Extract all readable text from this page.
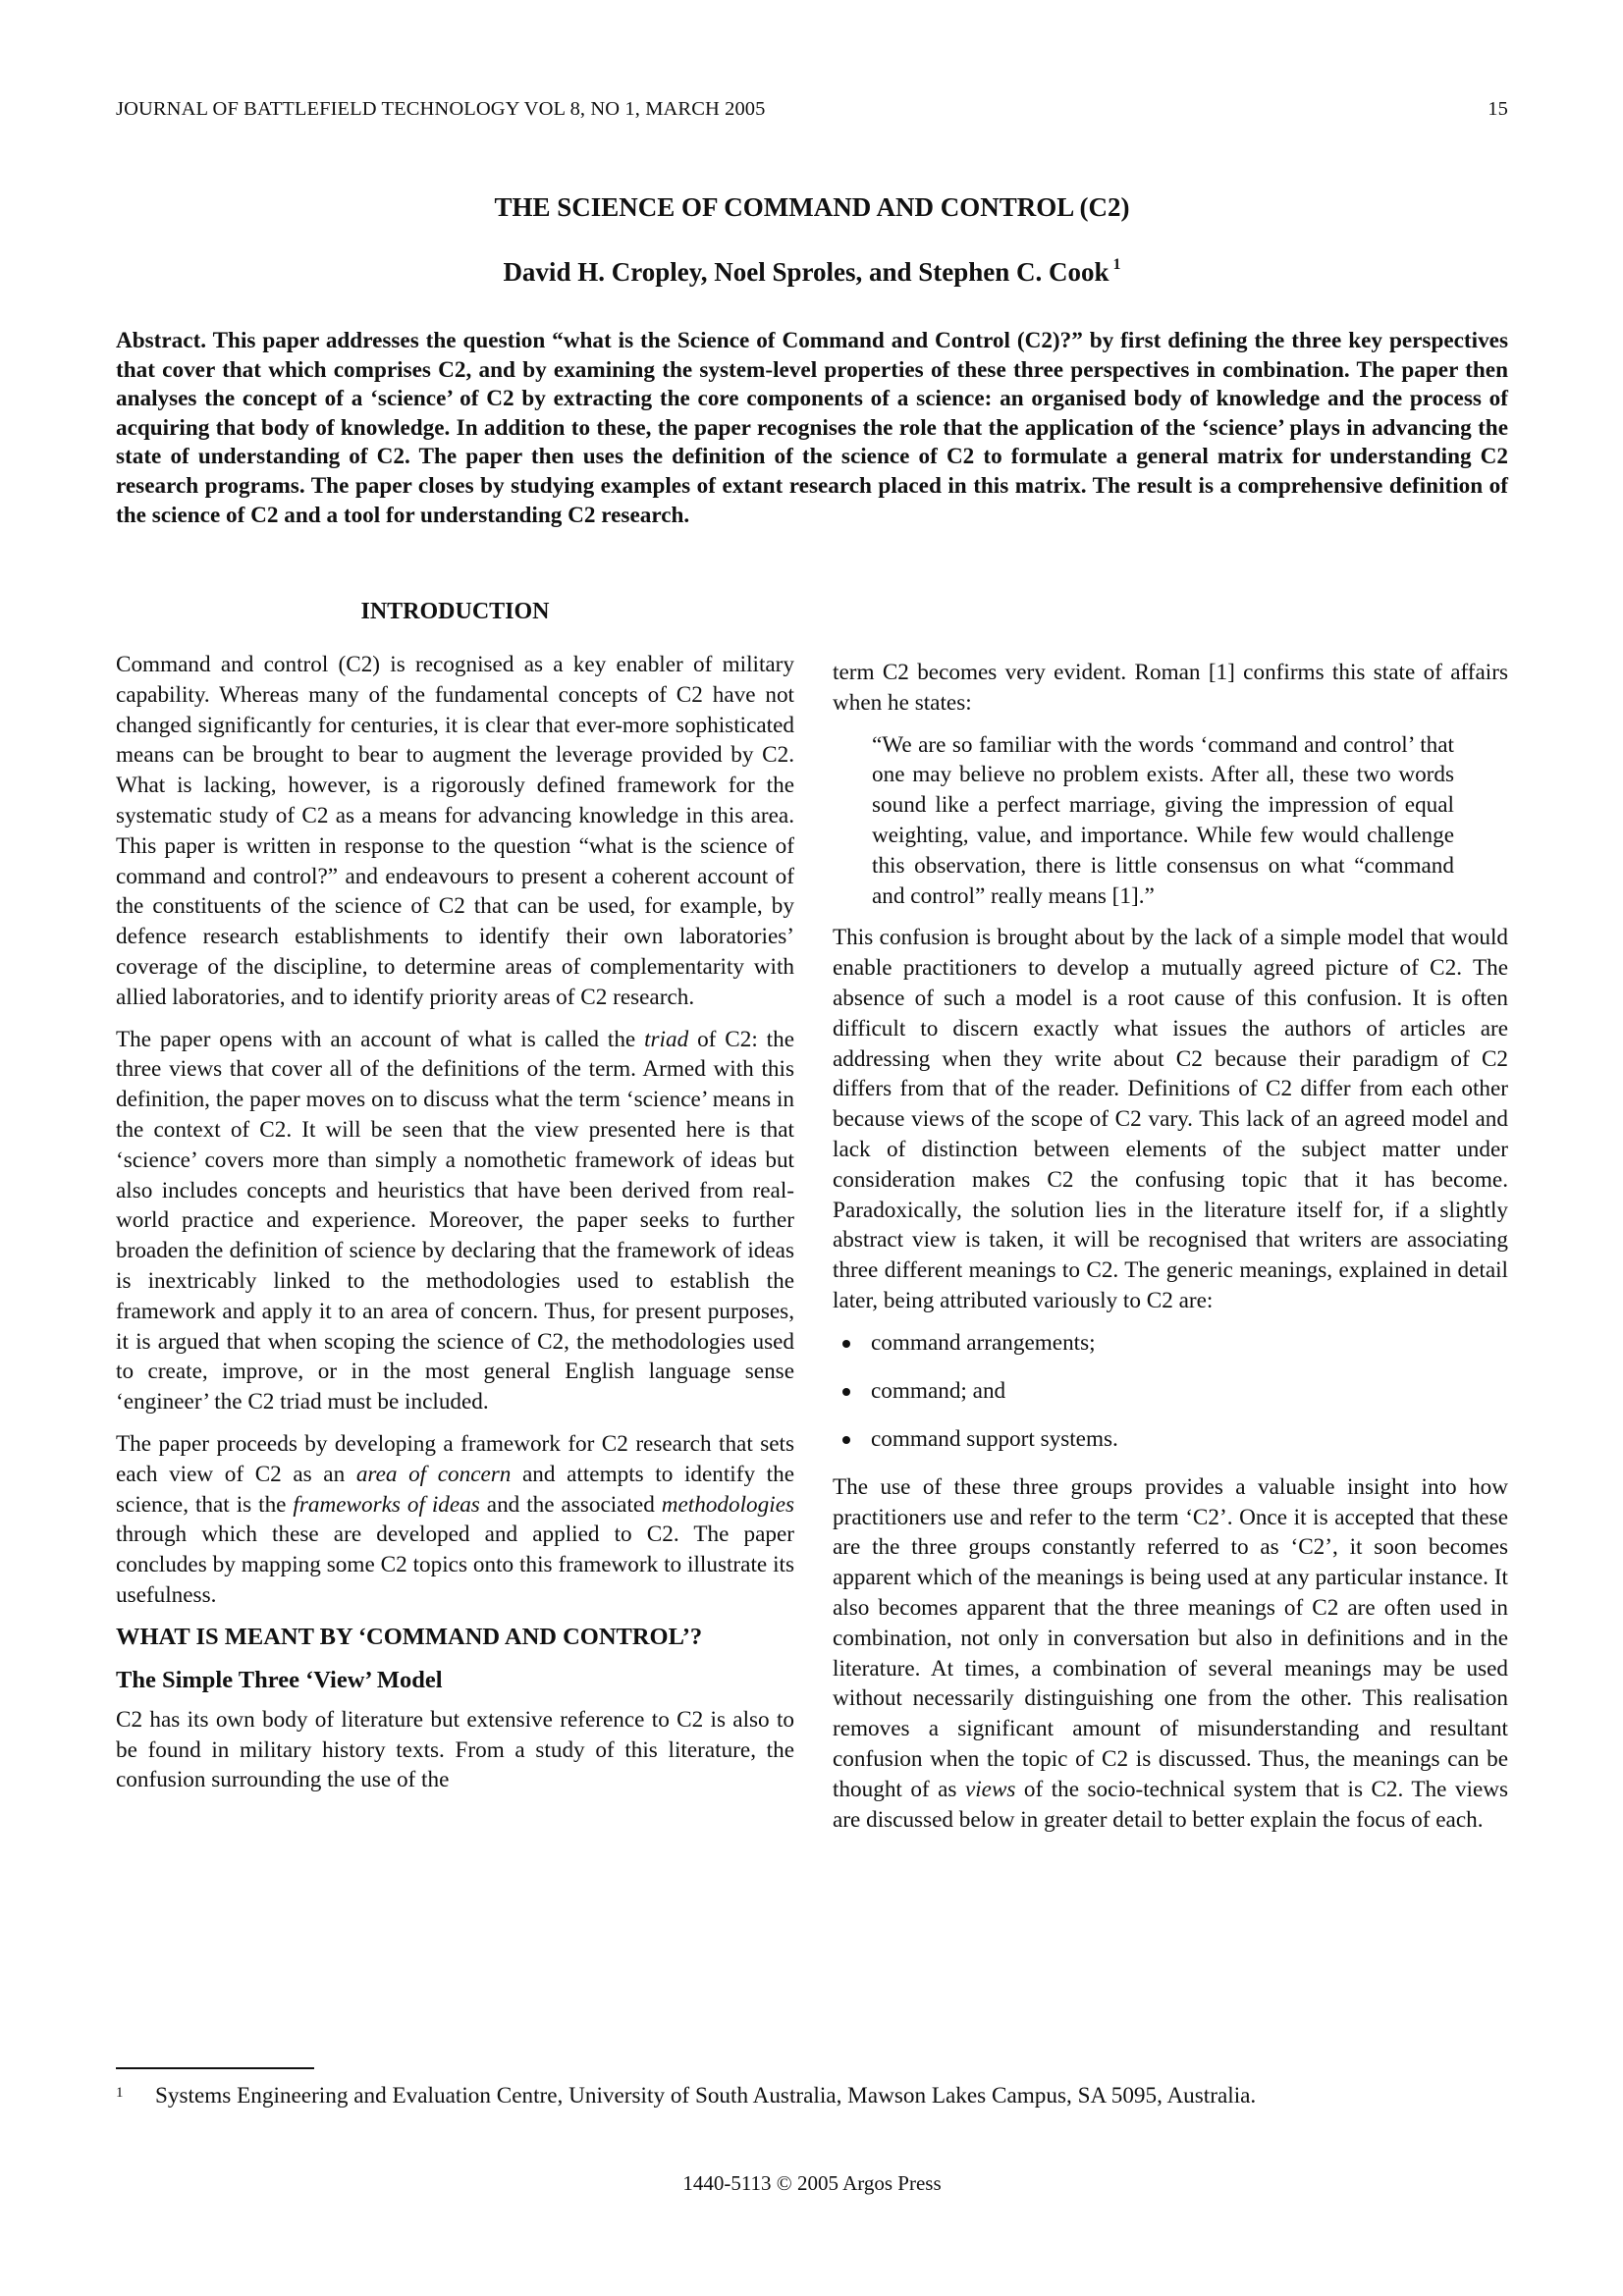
JOURNAL OF BATTLEFIELD TECHNOLOGY VOL 8, NO 1, MARCH 2005	15
THE SCIENCE OF COMMAND AND CONTROL (C2)
David H. Cropley, Noel Sproles, and Stephen C. Cook $^1$
Abstract. This paper addresses the question “what is the Science of Command and Control (C2)?” by first defining the three key perspectives that cover that which comprises C2, and by examining the system-level properties of these three perspectives in combination. The paper then analyses the concept of a ‘science’ of C2 by extracting the core components of a science: an organised body of knowledge and the process of acquiring that body of knowledge. In addition to these, the paper recognises the role that the application of the ‘science’ plays in advancing the state of understanding of C2. The paper then uses the definition of the science of C2 to formulate a general matrix for understanding C2 research programs. The paper closes by studying examples of extant research placed in this matrix. The result is a comprehensive definition of the science of C2 and a tool for understanding C2 research.
INTRODUCTION

Command and control (C2) is recognised as a key enabler of military capability. Whereas many of the fundamental concepts of C2 have not changed significantly for centuries, it is clear that ever-more sophisticated means can be brought to bear to augment the leverage provided by C2. What is lacking, however, is a rigorously defined framework for the systematic study of C2 as a means for advancing knowledge in this area. This paper is written in response to the question “what is the science of command and control?” and endeavours to present a coherent account of the constituents of the science of C2 that can be used, for example, by defence research establishments to identify their own laboratories’ coverage of the discipline, to determine areas of complementarity with allied laboratories, and to identify priority areas of C2 research.

The paper opens with an account of what is called the triad of C2: the three views that cover all of the definitions of the term. Armed with this definition, the paper moves on to discuss what the term ‘science’ means in the context of C2. It will be seen that the view presented here is that ‘science’ covers more than simply a nomothetic framework of ideas but also includes concepts and heuristics that have been derived from real-world practice and experience. Moreover, the paper seeks to further broaden the definition of science by declaring that the framework of ideas is inextricably linked to the methodologies used to establish the framework and apply it to an area of concern. Thus, for present purposes, it is argued that when scoping the science of C2, the methodologies used to create, improve, or in the most general English language sense ‘engineer’ the C2 triad must be included.

The paper proceeds by developing a framework for C2 research that sets each view of C2 as an area of concern and attempts to identify the science, that is the frameworks of ideas and the associated methodologies through which these are developed and applied to C2. The paper concludes by mapping some C2 topics onto this framework to illustrate its usefulness.

WHAT IS MEANT BY ‘COMMAND AND CONTROL’?
The Simple Three ‘View’ Model

C2 has its own body of literature but extensive reference to C2 is also to be found in military history texts. From a study of this literature, the confusion surrounding the use of the

term C2 becomes very evident. Roman [1] confirms this state of affairs when he states:

“We are so familiar with the words ‘command and control’ that one may believe no problem exists. After all, these two words sound like a perfect marriage, giving the impression of equal weighting, value, and importance. While few would challenge this observation, there is little consensus on what “command and control” really means [1].”

This confusion is brought about by the lack of a simple model that would enable practitioners to develop a mutually agreed picture of C2. The absence of such a model is a root cause of this confusion. It is often difficult to discern exactly what issues the authors of articles are addressing when they write about C2 because their paradigm of C2 differs from that of the reader. Definitions of C2 differ from each other because views of the scope of C2 vary. This lack of an agreed model and lack of distinction between elements of the subject matter under consideration makes C2 the confusing topic that it has become. Paradoxically, the solution lies in the literature itself for, if a slightly abstract view is taken, it will be recognised that writers are associating three different meanings to C2. The generic meanings, explained in detail later, being attributed variously to C2 are:

command arrangements;
command; and
command support systems.

The use of these three groups provides a valuable insight into how practitioners use and refer to the term ‘C2’. Once it is accepted that these are the three groups constantly referred to as ‘C2’, it soon becomes apparent which of the meanings is being used at any particular instance. It also becomes apparent that the three meanings of C2 are often used in combination, not only in conversation but also in definitions and in the literature. At times, a combination of several meanings may be used without necessarily distinguishing one from the other. This realisation removes a significant amount of misunderstanding and resultant confusion when the topic of C2 is discussed. Thus, the meanings can be thought of as views of the socio-technical system that is C2. The views are discussed below in greater detail to better explain the focus of each.

1	Systems Engineering and Evaluation Centre, University of South Australia, Mawson Lakes Campus, SA 5095, Australia.
1440-5113 © 2005 Argos Press
